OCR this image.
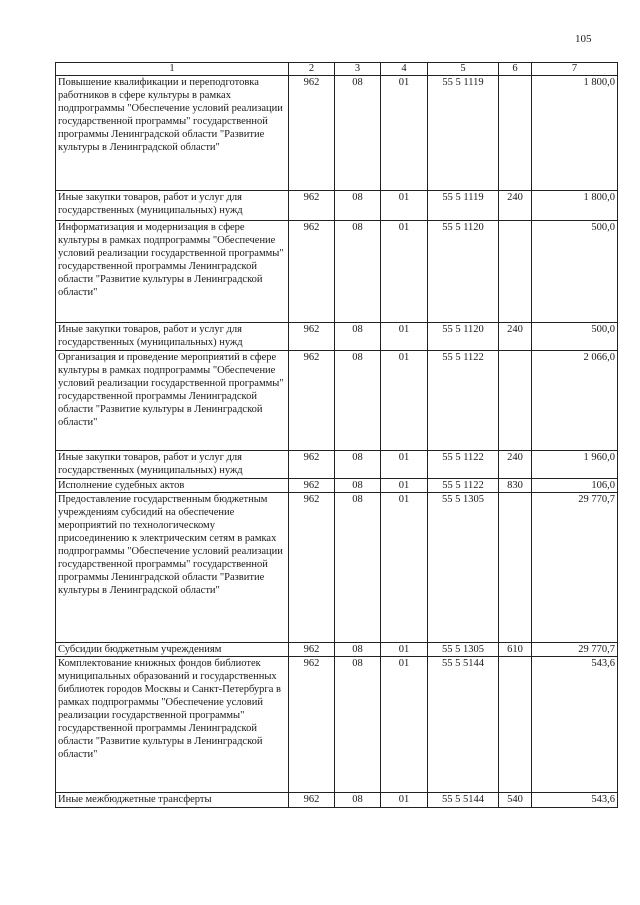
105
1	2	3	4	5	6	7
Повышение квалификации и переподготовка работников в сфере культуры в рамках подпрограммы "Обеспечение условий реализации государственной программы" государственной программы Ленинградской области "Развитие культуры в Ленинградской области"	962	08	01	55 5 1119		1 800,0
Иные закупки товаров, работ и услуг для государственных (муниципальных) нужд	962	08	01	55 5 1119	240	1 800,0
Информатизация и модернизация в сфере культуры в рамках подпрограммы "Обеспечение условий реализации государственной программы" государственной программы Ленинградской области "Развитие культуры в Ленинградской области"	962	08	01	55 5 1120		500,0
Иные закупки товаров, работ и услуг для государственных (муниципальных) нужд	962	08	01	55 5 1120	240	500,0
Организация и проведение мероприятий в сфере культуры в рамках подпрограммы "Обеспечение условий реализации государственной программы" государственной программы Ленинградской области "Развитие культуры в Ленинградской области"	962	08	01	55 5 1122		2 066,0
Иные закупки товаров, работ и услуг для государственных (муниципальных) нужд	962	08	01	55 5 1122	240	1 960,0
Исполнение судебных актов	962	08	01	55 5 1122	830	106,0
Предоставление государственным бюджетным учреждениям субсидий на обеспечение мероприятий по технологическому присоединению к электрическим сетям в рамках подпрограммы "Обеспечение условий реализации государственной программы" государственной программы Ленинградской области "Развитие культуры в Ленинградской области"	962	08	01	55 5 1305		29 770,7
Субсидии бюджетным учреждениям	962	08	01	55 5 1305	610	29 770,7
Комплектование книжных фондов библиотек муниципальных образований и государственных библиотек городов Москвы и Санкт-Петербурга в рамках подпрограммы "Обеспечение условий реализации государственной программы" государственной программы Ленинградской области "Развитие культуры в Ленинградской области"	962	08	01	55 5 5144		543,6
Иные межбюджетные трансферты	962	08	01	55 5 5144	540	543,6
